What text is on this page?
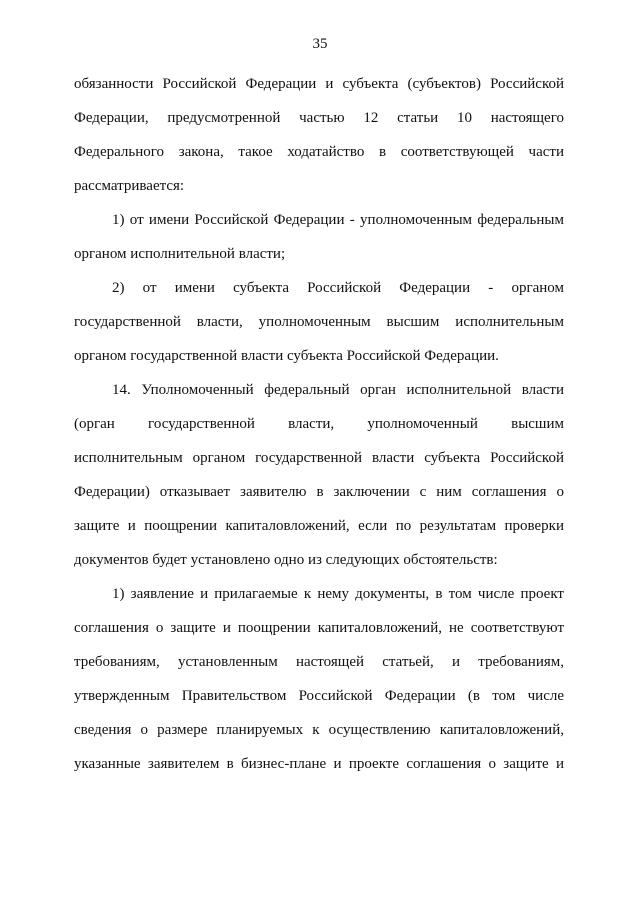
35
обязанности Российской Федерации и субъекта (субъектов) Российской
Федерации, предусмотренной частью 12 статьи 10 настоящего
Федерального закона, такое ходатайство в соответствующей части
рассматривается:
1) от имени Российской Федерации - уполномоченным федеральным
органом исполнительной власти;
2) от имени субъекта Российской Федерации - органом
государственной власти, уполномоченным высшим исполнительным
органом государственной власти субъекта Российской Федерации.
14. Уполномоченный федеральный орган исполнительной власти
(орган государственной власти, уполномоченный высшим
исполнительным органом государственной власти субъекта Российской
Федерации) отказывает заявителю в заключении с ним соглашения о
защите и поощрении капиталовложений, если по результатам проверки
документов будет установлено одно из следующих обстоятельств:
1) заявление и прилагаемые к нему документы, в том числе проект
соглашения о защите и поощрении капиталовложений, не соответствуют
требованиям, установленным настоящей статьей, и требованиям,
утвержденным Правительством Российской Федерации (в том числе
сведения о размере планируемых к осуществлению капиталовложений,
указанные заявителем в бизнес-плане и проекте соглашения о защите и
